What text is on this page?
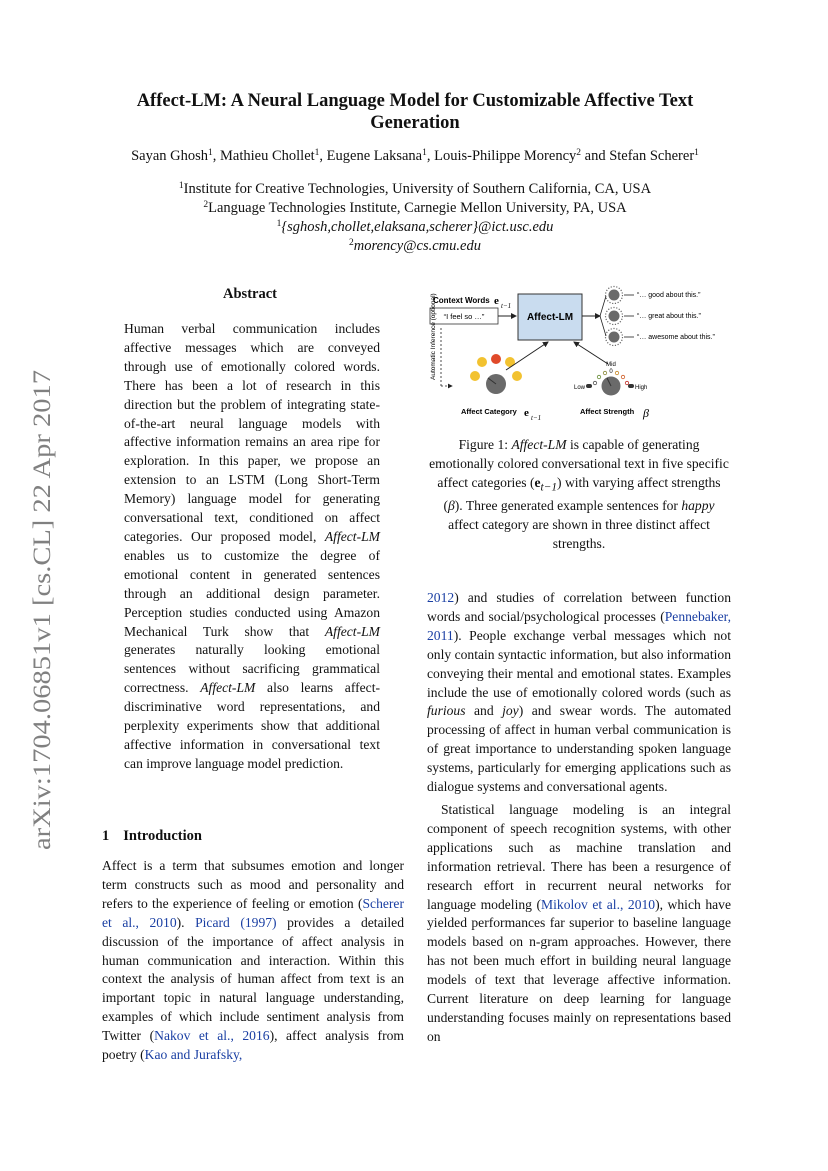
arXiv:1704.06851v1 [cs.CL] 22 Apr 2017
Affect-LM: A Neural Language Model for Customizable Affective Text Generation
Sayan Ghosh$^1$, Mathieu Chollet$^1$, Eugene Laksana$^1$, Louis-Philippe Morency$^2$ and Stefan Scherer$^1$
$^1$Institute for Creative Technologies, University of Southern California, CA, USA
$^2$Language Technologies Institute, Carnegie Mellon University, PA, USA
$^1${sghosh,chollet,elaksana,scherer}@ict.usc.edu
$^2$morency@cs.cmu.edu
Abstract

Human verbal communication includes affective messages which are conveyed through use of emotionally colored words. There has been a lot of research in this direction but the problem of integrating state-of-the-art neural language models with affective information remains an area ripe for exploration. In this paper, we propose an extension to an LSTM (Long Short-Term Memory) language model for generating conversational text, conditioned on affect categories. Our proposed model, Affect-LM enables us to customize the degree of emotional content in generated sentences through an additional design parameter. Perception studies conducted using Amazon Mechanical Turk show that Affect-LM generates naturally looking emotional sentences without sacrificing grammatical correctness. Affect-LM also learns affect-discriminative word representations, and perplexity experiments show that additional affective information in conversational text can improve language model prediction.

1 Introduction

Affect is a term that subsumes emotion and longer term constructs such as mood and personality and refers to the experience of feeling or emotion (Scherer et al., 2010). Picard (1997) provides a detailed discussion of the importance of affect analysis in human communication and interaction. Within this context the analysis of human affect from text is an important topic in natural language understanding, examples of which include sentiment analysis from Twitter (Nakov et al., 2016), affect analysis from poetry (Kao and Jurafsky,

Context Words e t−1
“I feel so …”	Affect-LM
“… good about this.”
“… great about this.”
“… awesome about this.”
Automatic Inference (optional)	Mid
0
Low	High
Affect Category e t−1
Affect Strength β
Figure 1: Affect-LM is capable of generating emotionally colored conversational text in five specific affect categories $(e_{t-1})$ with varying affect strengths (β). Three generated example sentences for happy affect category are shown in three distinct affect strengths.

2012) and studies of correlation between function words and social/psychological processes (Pennebaker, 2011). People exchange verbal messages which not only contain syntactic information, but also information conveying their mental and emotional states. Examples include the use of emotionally colored words (such as furious and joy) and swear words. The automated processing of affect in human verbal communication is of great importance to understanding spoken language systems, particularly for emerging applications such as dialogue systems and conversational agents.

Statistical language modeling is an integral component of speech recognition systems, with other applications such as machine translation and information retrieval. There has been a resurgence of research effort in recurrent neural networks for language modeling (Mikolov et al., 2010), which have yielded performances far superior to baseline language models based on n-gram approaches. However, there has not been much effort in building neural language models of text that leverage affective information. Current literature on deep learning for language understanding focuses mainly on representations based on
